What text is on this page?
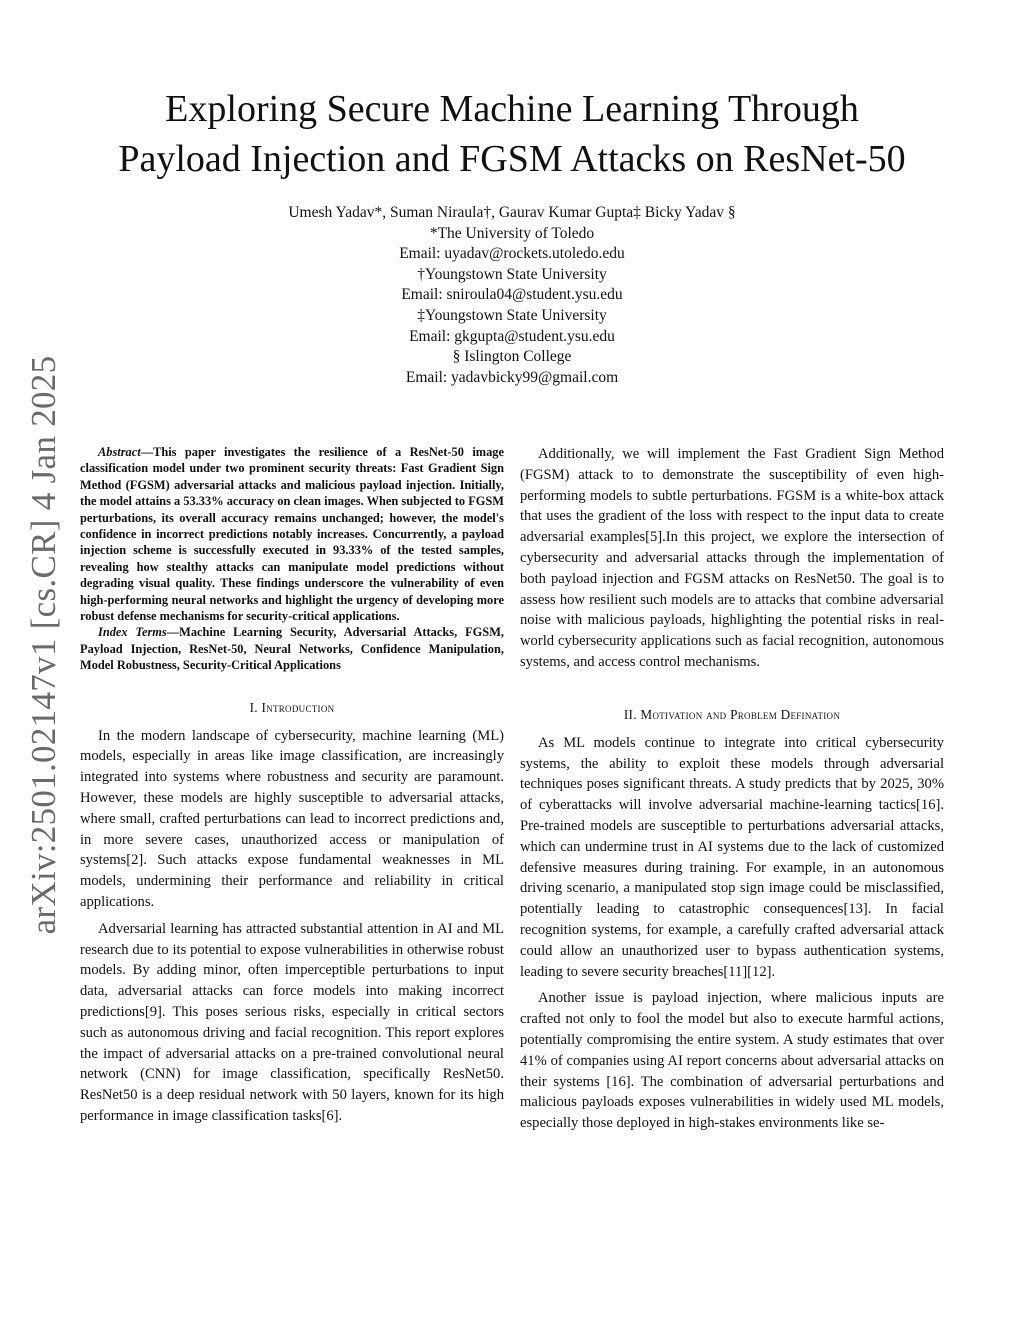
arXiv:2501.02147v1 [cs.CR] 4 Jan 2025
Exploring Secure Machine Learning Through
Payload Injection and FGSM Attacks on ResNet-50
Umesh Yadav*, Suman Niraula†, Gaurav Kumar Gupta‡ Bicky Yadav §
*The University of Toledo
Email: uyadav@rockets.utoledo.edu
†Youngstown State University
Email: sniroula04@student.ysu.edu
‡Youngstown State University
Email: gkgupta@student.ysu.edu
§ Islington College
Email: yadavbicky99@gmail.com

Abstract—This paper investigates the resilience of a ResNet-50 image classification model under two prominent security threats: Fast Gradient Sign Method (FGSM) adversarial attacks and malicious payload injection. Initially, the model attains a 53.33% accuracy on clean images. When subjected to FGSM perturbations, its overall accuracy remains unchanged; however, the model's confidence in incorrect predictions notably increases. Concurrently, a payload injection scheme is successfully executed in 93.33% of the tested samples, revealing how stealthy attacks can manipulate model predictions without degrading visual quality. These findings underscore the vulnerability of even high-performing neural networks and highlight the urgency of developing more robust defense mechanisms for security-critical applications.

Index Terms—Machine Learning Security, Adversarial Attacks, FGSM, Payload Injection, ResNet-50, Neural Networks, Confidence Manipulation, Model Robustness, Security-Critical Applications

I. Introduction

In the modern landscape of cybersecurity, machine learning (ML) models, especially in areas like image classification, are increasingly integrated into systems where robustness and security are paramount. However, these models are highly susceptible to adversarial attacks, where small, crafted perturbations can lead to incorrect predictions and, in more severe cases, unauthorized access or manipulation of systems[2]. Such attacks expose fundamental weaknesses in ML models, undermining their performance and reliability in critical applications.

Adversarial learning has attracted substantial attention in AI and ML research due to its potential to expose vulnerabilities in otherwise robust models. By adding minor, often imperceptible perturbations to input data, adversarial attacks can force models into making incorrect predictions[9]. This poses serious risks, especially in critical sectors such as autonomous driving and facial recognition. This report explores the impact of adversarial attacks on a pre-trained convolutional neural network (CNN) for image classification, specifically ResNet50. ResNet50 is a deep residual network with 50 layers, known for its high performance in image classification tasks[6].

Additionally, we will implement the Fast Gradient Sign Method (FGSM) attack to to demonstrate the susceptibility of even high-performing models to subtle perturbations. FGSM is a white-box attack that uses the gradient of the loss with respect to the input data to create adversarial examples[5].In this project, we explore the intersection of cybersecurity and adversarial attacks through the implementation of both payload injection and FGSM attacks on ResNet50. The goal is to assess how resilient such models are to attacks that combine adversarial noise with malicious payloads, highlighting the potential risks in real-world cybersecurity applications such as facial recognition, autonomous systems, and access control mechanisms.

II. Motivation and Problem Defination

As ML models continue to integrate into critical cybersecurity systems, the ability to exploit these models through adversarial techniques poses significant threats. A study predicts that by 2025, 30% of cyberattacks will involve adversarial machine-learning tactics[16]. Pre-trained models are susceptible to perturbations adversarial attacks, which can undermine trust in AI systems due to the lack of customized defensive measures during training. For example, in an autonomous driving scenario, a manipulated stop sign image could be misclassified, potentially leading to catastrophic consequences[13]. In facial recognition systems, for example, a carefully crafted adversarial attack could allow an unauthorized user to bypass authentication systems, leading to severe security breaches[11][12].

Another issue is payload injection, where malicious inputs are crafted not only to fool the model but also to execute harmful actions, potentially compromising the entire system. A study estimates that over 41% of companies using AI report concerns about adversarial attacks on their systems [16]. The combination of adversarial perturbations and malicious payloads exposes vulnerabilities in widely used ML models, especially those deployed in high-stakes environments like se-
